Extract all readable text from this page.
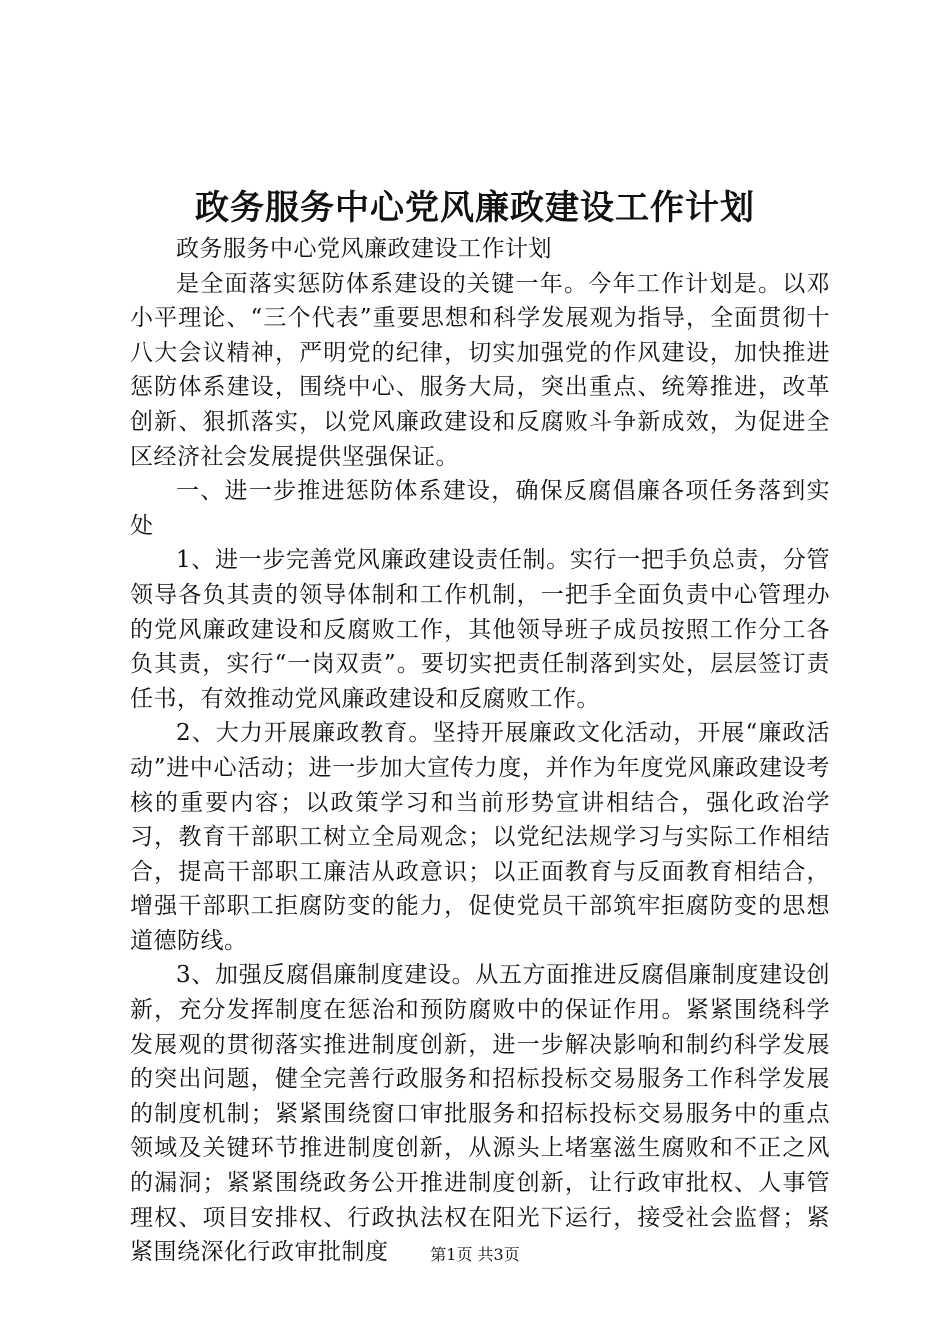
政务服务中心党风廉政建设工作计划

政务服务中心党风廉政建设工作计划

是全面落实惩防体系建设的关键一年。今年工作计划是。以邓小平理论、“三个代表”重要思想和科学发展观为指导，全面贯彻十八大会议精神，严明党的纪律，切实加强党的作风建设，加快推进惩防体系建设，围绕中心、服务大局，突出重点、统筹推进，改革创新、狠抓落实，以党风廉政建设和反腐败斗争新成效，为促进全区经济社会发展提供坚强保证。

一、进一步推进惩防体系建设，确保反腐倡廉各项任务落到实处

1、进一步完善党风廉政建设责任制。实行一把手负总责，分管领导各负其责的领导体制和工作机制，一把手全面负责中心管理办的党风廉政建设和反腐败工作，其他领导班子成员按照工作分工各负其责，实行“一岗双责”。要切实把责任制落到实处，层层签订责任书，有效推动党风廉政建设和反腐败工作。

2、大力开展廉政教育。坚持开展廉政文化活动，开展“廉政活动”进中心活动；进一步加大宣传力度，并作为年度党风廉政建设考核的重要内容；以政策学习和当前形势宣讲相结合，强化政治学习，教育干部职工树立全局观念；以党纪法规学习与实际工作相结合，提高干部职工廉洁从政意识；以正面教育与反面教育相结合，增强干部职工拒腐防变的能力，促使党员干部筑牢拒腐防变的思想道德防线。

3、加强反腐倡廉制度建设。从五方面推进反腐倡廉制度建设创新，充分发挥制度在惩治和预防腐败中的保证作用。紧紧围绕科学发展观的贯彻落实推进制度创新，进一步解决影响和制约科学发展的突出问题，健全完善行政服务和招标投标交易服务工作科学发展的制度机制；紧紧围绕窗口审批服务和招标投标交易服务中的重点领域及关键环节推进制度创新，从源头上堵塞滋生腐败和不正之风的漏洞；紧紧围绕政务公开推进制度创新，让行政审批权、人事管理权、项目安排权、行政执法权在阳光下运行，接受社会监督；紧紧围绕深化行政审批制度	第1页 共3页
